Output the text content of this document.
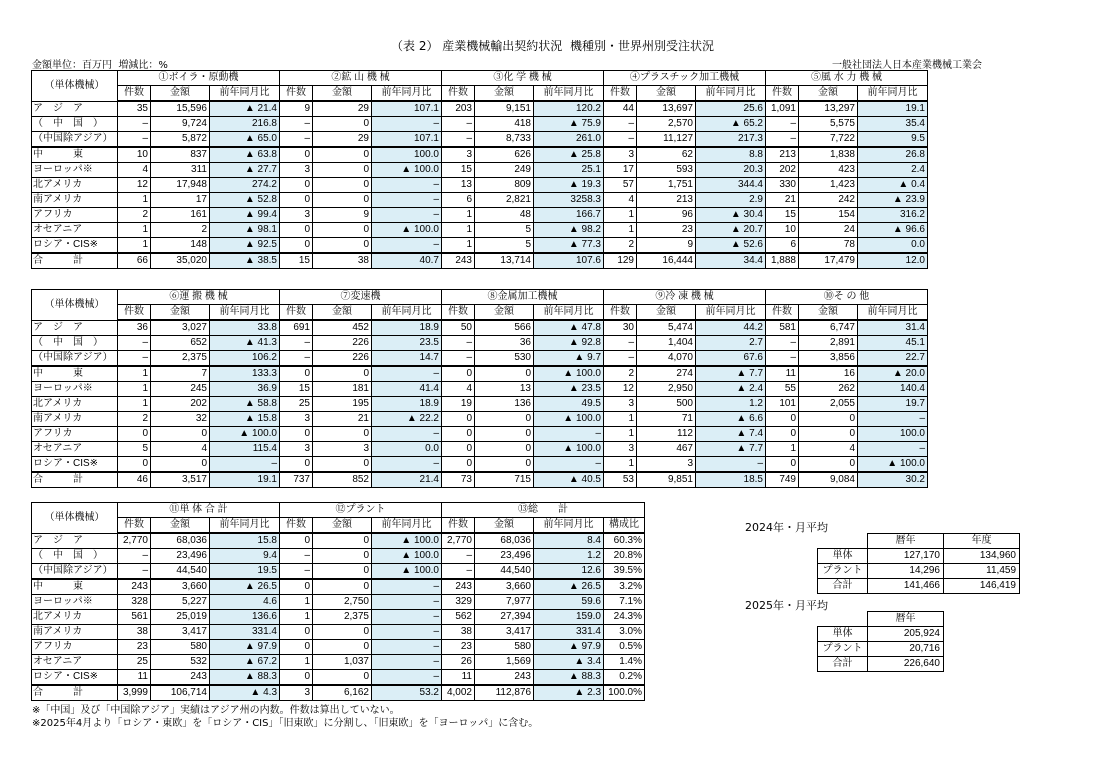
（表 2） 産業機械輸出契約状況  機種別・世界州別受注状況
金額単位：百万円  増減比：%	一般社団法人日本産業機械工業会
（単体機械）	①ボイラ・原動機			②鉱 山 機 械			③化 学 機 械			④プラスチック加工機械			⑤風 水 力 機 械		
	件数	金額	前年同月比	件数	金額	前年同月比	件数	金額	前年同月比	件数	金額	前年同月比	件数	金額	前年同月比
ア　ジ　ア	35	15,596	▲ 21.4	9	29	107.1	203	9,151	120.2	44	13,697	25.6	1,091	13,297	19.1
（　中　国　）	–	9,724	216.8	–	0	–	–	418	▲ 75.9	–	2,570	▲ 65.2	–	5,575	35.4
（中国除アジア）	–	5,872	▲ 65.0	–	29	107.1	–	8,733	261.0	–	11,127	217.3	–	7,722	9.5
中　　　東	10	837	▲ 63.8	0	0	100.0	3	626	▲ 25.8	3	62	8.8	213	1,838	26.8
ヨーロッパ※	4	311	▲ 27.7	3	0	▲ 100.0	15	249	25.1	17	593	20.3	202	423	2.4
北アメリカ	12	17,948	274.2	0	0	–	13	809	▲ 19.3	57	1,751	344.4	330	1,423	▲ 0.4
南アメリカ	1	17	▲ 52.8	0	0	–	6	2,821	3258.3	4	213	2.9	21	242	▲ 23.9
アフリカ	2	161	▲ 99.4	3	9	–	1	48	166.7	1	96	▲ 30.4	15	154	316.2
オセアニア	1	2	▲ 98.1	0	0	▲ 100.0	1	5	▲ 98.2	1	23	▲ 20.7	10	24	▲ 96.6
ロシア・CIS※	1	148	▲ 92.5	0	0	–	1	5	▲ 77.3	2	9	▲ 52.6	6	78	0.0
合　　　計	66	35,020	▲ 38.5	15	38	40.7	243	13,714	107.6	129	16,444	34.4	1,888	17,479	12.0
（単体機械）	⑥運 搬 機 械			⑦変速機			⑧金属加工機械			⑨冷 凍 機 械			⑩そ の 他		
	件数	金額	前年同月比	件数	金額	前年同月比	件数	金額	前年同月比	件数	金額	前年同月比	件数	金額	前年同月比
ア　ジ　ア	36	3,027	33.8	691	452	18.9	50	566	▲ 47.8	30	5,474	44.2	581	6,747	31.4
（　中　国　）	–	652	▲ 41.3	–	226	23.5	–	36	▲ 92.8	–	1,404	2.7	–	2,891	45.1
（中国除アジア）	–	2,375	106.2	–	226	14.7	–	530	▲ 9.7	–	4,070	67.6	–	3,856	22.7
中　　　東	1	7	133.3	0	0	–	0	0	▲ 100.0	2	274	▲ 7.7	11	16	▲ 20.0
ヨーロッパ※	1	245	36.9	15	181	41.4	4	13	▲ 23.5	12	2,950	▲ 2.4	55	262	140.4
北アメリカ	1	202	▲ 58.8	25	195	18.9	19	136	49.5	3	500	1.2	101	2,055	19.7
南アメリカ	2	32	▲ 15.8	3	21	▲ 22.2	0	0	▲ 100.0	1	71	▲ 6.6	0	0	–
アフリカ	0	0	▲ 100.0	0	0	–	0	0	–	1	112	▲ 7.4	0	0	100.0
オセアニア	5	4	115.4	3	3	0.0	0	0	▲ 100.0	3	467	▲ 7.7	1	4	–
ロシア・CIS※	0	0	–	0	0	–	0	0	–	1	3	–	0	0	▲ 100.0
合　　　計	46	3,517	19.1	737	852	21.4	73	715	▲ 40.5	53	9,851	18.5	749	9,084	30.2
（単体機械）	⑪単 体 合 計			⑫プラント			⑬総　　計			
	件数	金額	前年同月比	件数	金額	前年同月比	件数	金額	前年同月比	構成比
ア　ジ　ア	2,770	68,036	15.8	0	0	▲ 100.0	2,770	68,036	8.4	60.3%
（　中　国　）	–	23,496	9.4	–	0	▲ 100.0	–	23,496	1.2	20.8%
（中国除アジア）	–	44,540	19.5	–	0	▲ 100.0	–	44,540	12.6	39.5%
中　　　東	243	3,660	▲ 26.5	0	0	–	243	3,660	▲ 26.5	3.2%
ヨーロッパ※	328	5,227	4.6	1	2,750	–	329	7,977	59.6	7.1%
北アメリカ	561	25,019	136.6	1	2,375	–	562	27,394	159.0	24.3%
南アメリカ	38	3,417	331.4	0	0	–	38	3,417	331.4	3.0%
アフリカ	23	580	▲ 97.9	0	0	–	23	580	▲ 97.9	0.5%
オセアニア	25	532	▲ 67.2	1	1,037	–	26	1,569	▲ 3.4	1.4%
ロシア・CIS※	11	243	▲ 88.3	0	0	–	11	243	▲ 88.3	0.2%
合　　　計	3,999	106,714	▲ 4.3	3	6,162	53.2	4,002	112,876	▲ 2.3	100.0%
※「中国」及び「中国除アジア」実績はアジア州の内数。件数は算出していない。
※2025年4月より「ロシア・東欧」を「ロシア・CIS」「旧東欧」に分割し、「旧東欧」を「ヨーロッパ」に含む。
2024年・月平均
	暦年	年度
単体	127,170	134,960
プラント	14,296	11,459
合計	141,466	146,419
2025年・月平均
	暦年
単体	205,924
プラント	20,716
合計	226,640
